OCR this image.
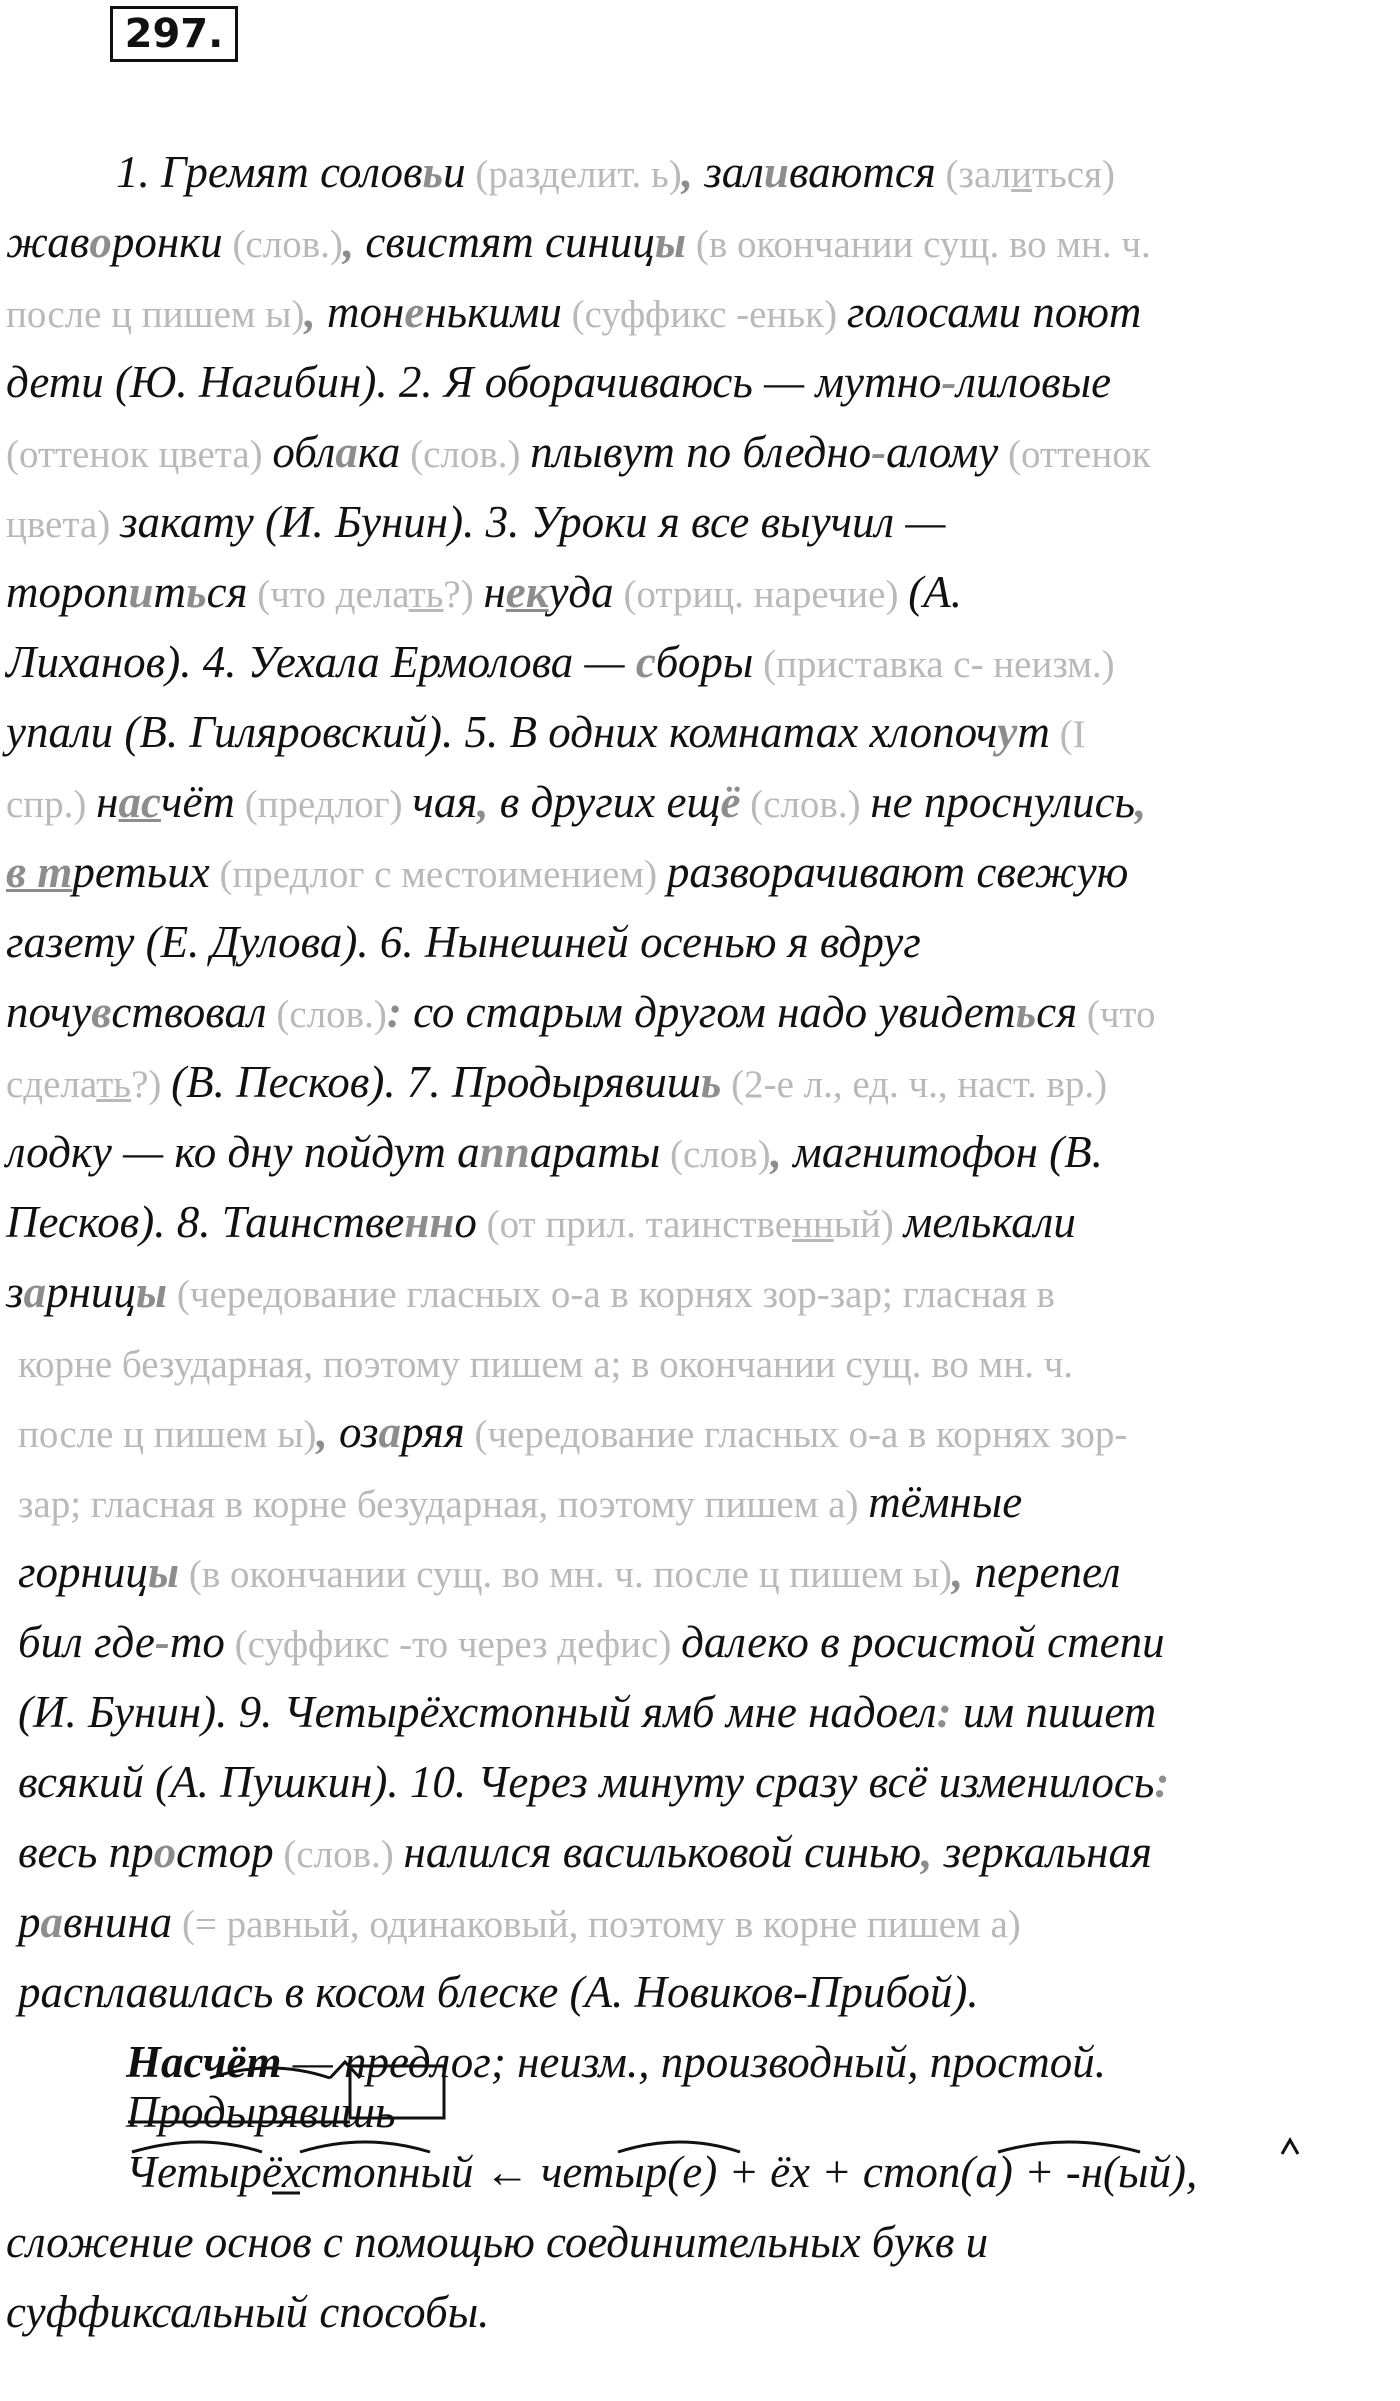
297.
1. Гремят соловьи (разделит. ь), заливаются (залиться)
жаворонки (слов.), свистят синицы (в окончании сущ. во мн. ч.
после ц пишем ы), тоненькими (суффикс -еньк) голосами поют
дети (Ю. Нагибин). 2. Я оборачиваюсь — мутно-лиловые
(оттенок цвета) облака (слов.) плывут по бледно-алому (оттенок
цвета) закату (И. Бунин). 3. Уроки я все выучил —
торопиться (что делать?) некуда (отриц. наречие) (А.
Лиханов). 4. Уехала Ермолова — сборы (приставка с- неизм.)
упали (В. Гиляровский). 5. В одних комнатах хлопочут (I
спр.) насчёт (предлог) чая, в других ещё (слов.) не проснулись,
в третьих (предлог с местоимением) разворачивают свежую
газету (Е. Дулова). 6. Нынешней осенью я вдруг
почувствовал (слов.): со старым другом надо увидеться (что
сделать?) (В. Песков). 7. Продырявишь (2-е л., ед. ч., наст. вр.)
лодку — ко дну пойдут аппараты (слов), магнитофон (В.
Песков). 8. Таинственно (от прил. таинственный) мелькали
зарницы (чередование гласных о-а в корнях зор-зар; гласная в
корне безударная, поэтому пишем а; в окончании сущ. во мн. ч.
после ц пишем ы), озаряя (чередование гласных о-а в корнях зор-
зар; гласная в корне безударная, поэтому пишем а) тёмные
горницы (в окончании сущ. во мн. ч. после ц пишем ы), перепел
бил где-то (суффикс -то через дефис) далеко в росистой степи
(И. Бунин). 9. Четырёхстопный ямб мне надоел: им пишет
всякий (А. Пушкин). 10. Через минуту сразу всё изменилось:
весь простор (слов.) налился васильковой синью, зеркальная
равнина (= равный, одинаковый, поэтому в корне пишем а)
расплавилась в косом блеске (А. Новиков-Прибой).
Насчёт — предлог; неизм., производный, простой.
Продырявишь
Четырёхстопный ← четыр(е) + ёх + стоп(а) + -н(ый),
сложение основ с помощью соединительных букв и
суффиксальный способы.
